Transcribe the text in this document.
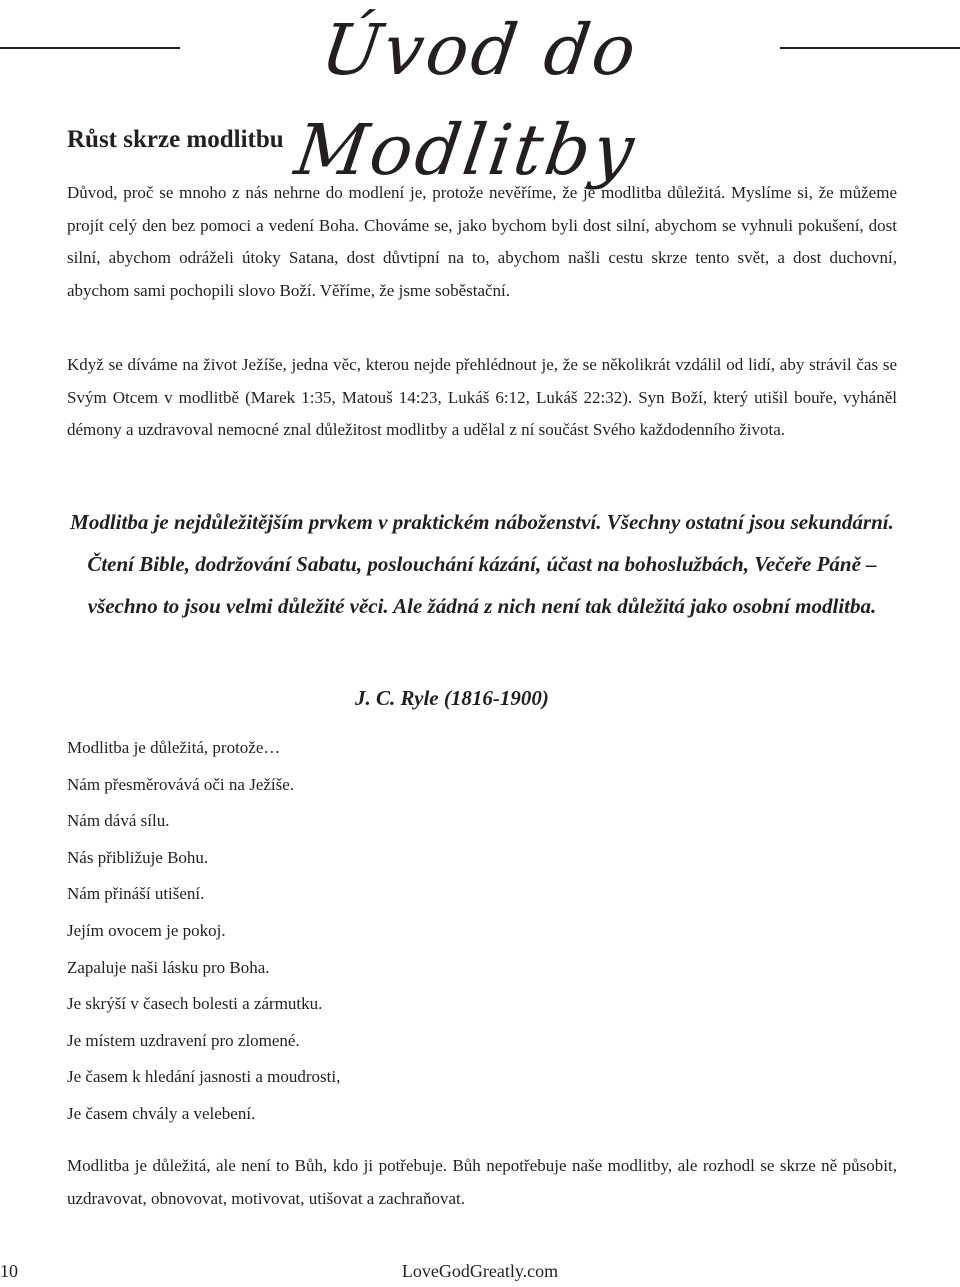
Úvod do Modlitby
Růst skrze modlitbu

Důvod, proč se mnoho z nás nehrne do modlení je, protože nevěříme, že je modlitba důležitá. Myslíme si, že můžeme projít celý den bez pomoci a vedení Boha. Chováme se, jako bychom byli dost silní, abychom se vyhnuli pokušení, dost silní, abychom odráželi útoky Satana, dost důvtipní na to, abychom našli cestu skrze tento svět, a dost duchovní, abychom sami pochopili slovo Boží. Věříme, že jsme soběstační.

Když se díváme na život Ježíše, jedna věc, kterou nejde přehlédnout je, že se několikrát vzdálil od lidí, aby strávil čas se Svým Otcem v modlitbě (Marek 1:35, Matouš 14:23, Lukáš 6:12, Lukáš 22:32). Syn Boží, který utišil bouře, vyháněl démony a uzdravoval nemocné znal důležitost modlitby a udělal z ní součást Svého každodenního života.

Modlitba je nejdůležitějším prvkem v praktickém náboženství. Všechny ostatní jsou sekundární. Čtení Bible, dodržování Sabatu, poslouchání kázání, účast na bohoslužbách, Večeře Páně – všechno to jsou velmi důležité věci. Ale žádná z nich není tak důležitá jako osobní modlitba.

J. C. Ryle (1816-1900)

Modlitba je důležitá, protože…
Nám přesměrovává oči na Ježíše.
Nám dává sílu.
Nás přibližuje Bohu.
Nám přináší utišení.
Jejím ovocem je pokoj.
Zapaluje naši lásku pro Boha.
Je skrýší v časech bolesti a zármutku.
Je místem uzdravení pro zlomené.
Je časem k hledání jasnosti a moudrosti,
Je časem chvály a velebení.

Modlitba je důležitá, ale není to Bůh, kdo ji potřebuje. Bůh nepotřebuje naše modlitby, ale rozhodl se skrze ně působit, uzdravovat, obnovovat, motivovat, utišovat a zachraňovat.

10	LoveGodGreatly.com
